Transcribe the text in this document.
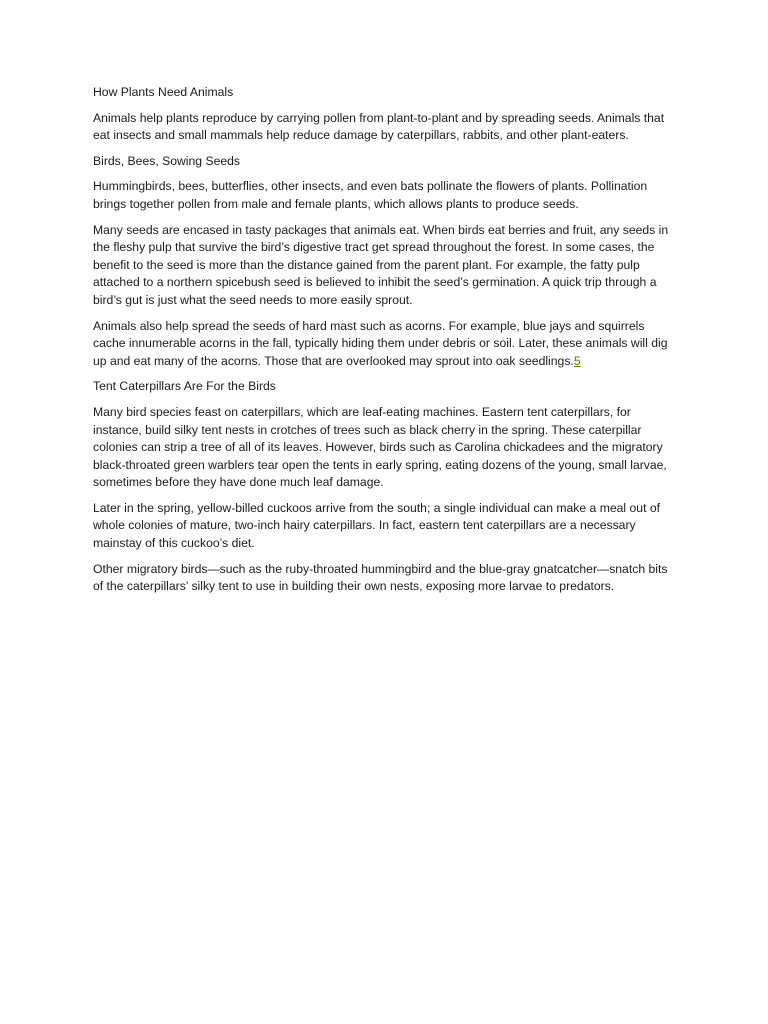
How Plants Need Animals

Animals help plants reproduce by carrying pollen from plant-to-plant and by spreading seeds. Animals that eat insects and small mammals help reduce damage by caterpillars, rabbits, and other plant-eaters.

Birds, Bees, Sowing Seeds

Hummingbirds, bees, butterflies, other insects, and even bats pollinate the flowers of plants. Pollination brings together pollen from male and female plants, which allows plants to produce seeds.

Many seeds are encased in tasty packages that animals eat. When birds eat berries and fruit, any seeds in the fleshy pulp that survive the bird’s digestive tract get spread throughout the forest. In some cases, the benefit to the seed is more than the distance gained from the parent plant. For example, the fatty pulp attached to a northern spicebush seed is believed to inhibit the seed’s germination. A quick trip through a bird’s gut is just what the seed needs to more easily sprout.

Animals also help spread the seeds of hard mast such as acorns. For example, blue jays and squirrels cache innumerable acorns in the fall, typically hiding them under debris or soil. Later, these animals will dig up and eat many of the acorns. Those that are overlooked may sprout into oak seedlings.5

Tent Caterpillars Are For the Birds

Many bird species feast on caterpillars, which are leaf-eating machines. Eastern tent caterpillars, for instance, build silky tent nests in crotches of trees such as black cherry in the spring. These caterpillar colonies can strip a tree of all of its leaves. However, birds such as Carolina chickadees and the migratory black-throated green warblers tear open the tents in early spring, eating dozens of the young, small larvae, sometimes before they have done much leaf damage.

Later in the spring, yellow-billed cuckoos arrive from the south; a single individual can make a meal out of whole colonies of mature, two-inch hairy caterpillars. In fact, eastern tent caterpillars are a necessary mainstay of this cuckoo’s diet.

Other migratory birds—such as the ruby-throated hummingbird and the blue-gray gnatcatcher—snatch bits of the caterpillars’ silky tent to use in building their own nests, exposing more larvae to predators.
